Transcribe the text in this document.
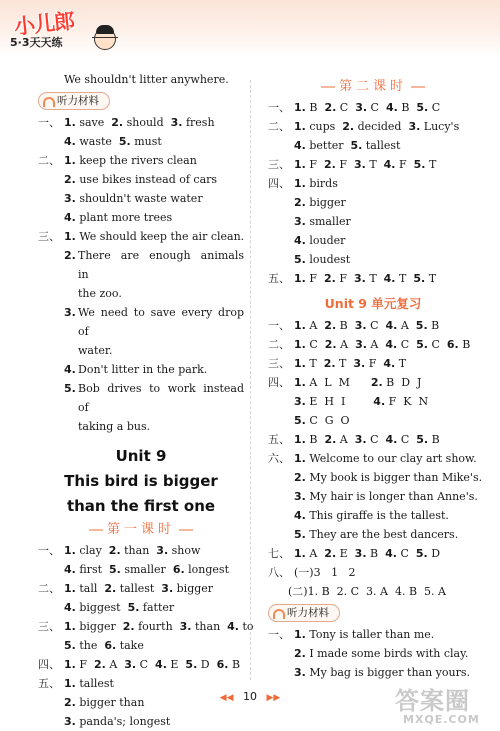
小儿郎
5·3天天练
We shouldn't litter anywhere.
听力材料
一、 1. save 2. should 3. fresh
4. waste 5. must
二、 1. keep the rivers clean
2. use bikes instead of cars
3. shouldn't waste water
4. plant more trees
三、 1. We should keep the air clean.
2. There are enough animals in
the zoo.
3. We need to save every drop of
water.
4. Don't litter in the park.
5. Bob drives to work instead of
taking a bus.
Unit 9
This bird is bigger
than the first one
第一课时
一、 1. clay 2. than 3. show
4. first 5. smaller 6. longest
二、 1. tall 2. tallest 3. bigger
4. biggest 5. fatter
三、 1. bigger 2. fourth 3. than 4. to
5. the 6. take
四、 1. F 2. A 3. C 4. E 5. D 6. B
五、 1. tallest
2. bigger than
3. panda's; longest
第二课时
一、 1. B 2. C 3. C 4. B 5. C
二、 1. cups 2. decided 3. Lucy's
4. better 5. tallest
三、 1. F 2. F 3. T 4. F 5. T
四、 1. birds
2. bigger
3. smaller
4. louder
5. loudest
五、 1. F 2. F 3. T 4. T 5. T
Unit 9 单元复习
一、 1. A 2. B 3. C 4. A 5. B
二、 1. C 2. A 3. A 4. C 5. C 6. B
三、 1. T 2. T 3. F 4. T
四、 1. A  L  M 2. B  D  J
3. E  H  I	4. F  K  N
5. C  G  O
五、 1. B 2. A 3. C 4. C 5. B
六、 1. Welcome to our clay art show.
2. My book is bigger than Mike's.
3. My hair is longer than Anne's.
4. This giraffe is the tallest.
5. They are the best dancers.
七、 1. A 2. E 3. B 4. C 5. D
八、 (一)3   1   2
(二)1. B  2. C  3. A  4. B  5. A
听力材料
一、 1. Tony is taller than me.
2. I made some birds with clay.
3. My bag is bigger than yours.
◀◀ 10 ▶▶	答案圈
MXQE.COM
